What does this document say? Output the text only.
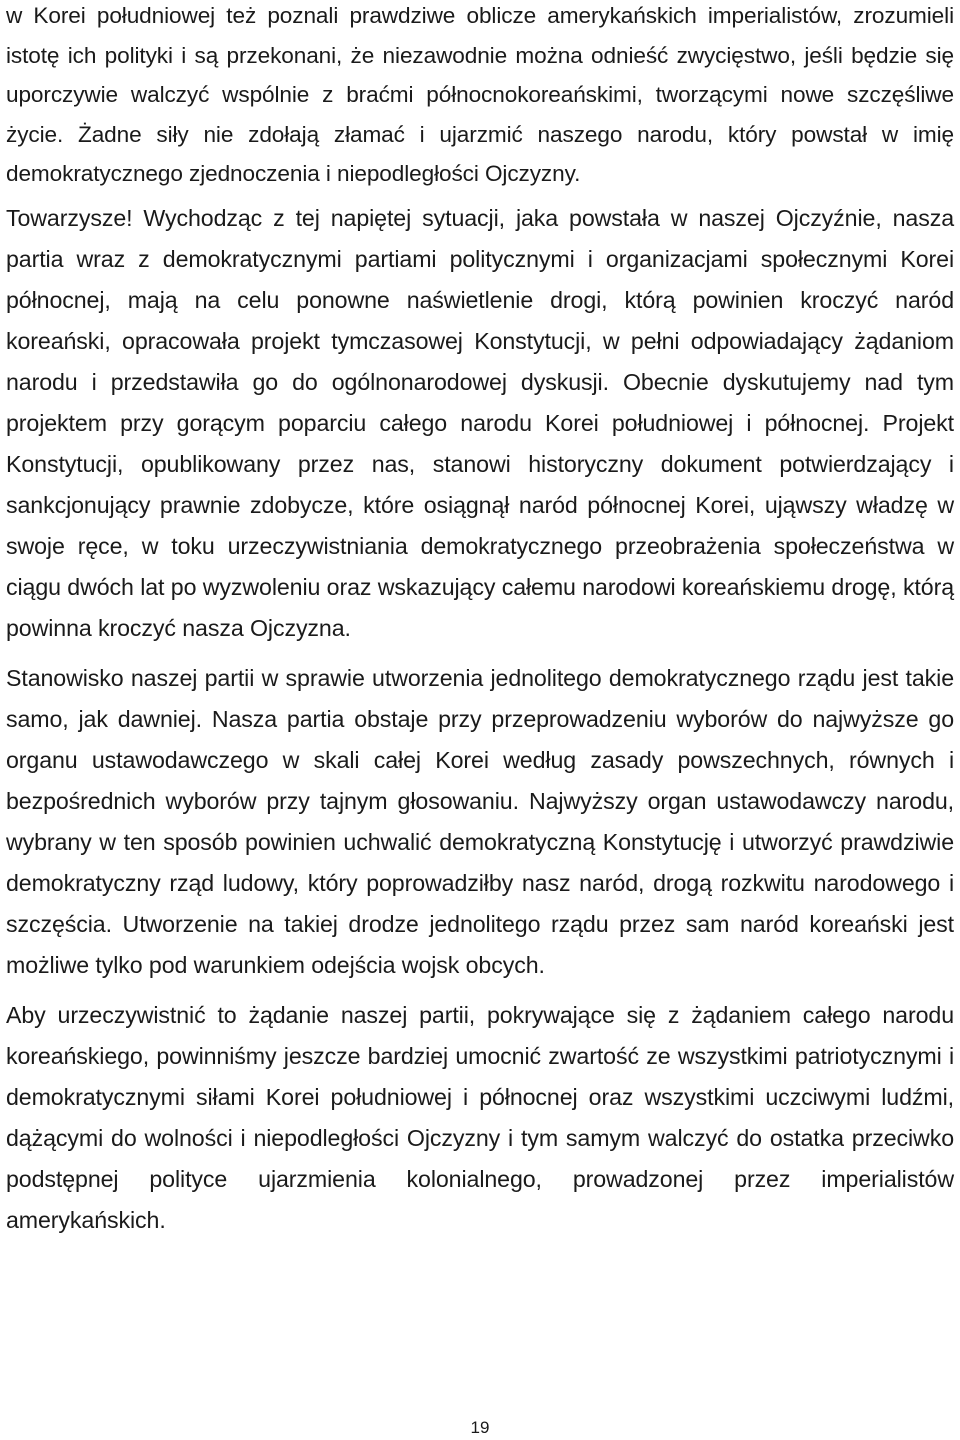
w Korei południowej też poznali prawdziwe oblicze amerykańskich imperialistów, zrozumieli istotę ich polityki i są przekonani, że niezawodnie można odnieść zwycięstwo, jeśli będzie się uporczywie walczyć wspólnie z braćmi północnokoreańskimi, tworzącymi nowe szczęśliwe życie. Żadne siły nie zdołają złamać i ujarzmić naszego narodu, który powstał w imię demokratycznego zjednoczenia i niepodległości Ojczyzny.

Towarzysze! Wychodząc z tej napiętej sytuacji, jaka powstała w naszej Ojczyźnie, nasza partia wraz z demokratycznymi partiami politycznymi i organizacjami społecznymi Korei północnej, mają na celu ponowne naświetlenie drogi, którą powinien kroczyć naród koreański, opracowała projekt tymczasowej Konstytucji, w pełni odpowiadający żądaniom narodu i przedstawiła go do ogólnonarodowej dyskusji. Obecnie dyskutujemy nad tym projektem przy gorącym poparciu całego narodu Korei południowej i północnej. Projekt Konstytucji, opublikowany przez nas, stanowi historyczny dokument potwierdzający i sankcjonujący prawnie zdobycze, które osiągnął naród północnej Korei, ująwszy władzę w swoje ręce, w toku urzeczywistniania demokratycznego przeobrażenia społeczeństwa w ciągu dwóch lat po wyzwoleniu oraz wskazujący całemu narodowi koreańskiemu drogę, którą powinna kroczyć nasza Ojczyzna.

Stanowisko naszej partii w sprawie utworzenia jednolitego demokratycznego rządu jest takie samo, jak dawniej. Nasza partia obstaje przy przeprowadzeniu wyborów do najwyższe go organu ustawodawczego w skali całej Korei według zasady powszechnych, równych i bezpośrednich wyborów przy tajnym głosowaniu. Najwyższy organ ustawodawczy narodu, wybrany w ten sposób powinien uchwalić demokratyczną Konstytucję i utworzyć prawdziwie demokratyczny rząd ludowy, który poprowadziłby nasz naród, drogą rozkwitu narodowego i szczęścia. Utworzenie na takiej drodze jednolitego rządu przez sam naród koreański jest możliwe tylko pod warunkiem odejścia wojsk obcych.

Aby urzeczywistnić to żądanie naszej partii, pokrywające się z żądaniem całego narodu koreańskiego, powinniśmy jeszcze bardziej umocnić zwartość ze wszystkimi patriotycznymi i demokratycznymi siłami Korei południowej i północnej oraz wszystkimi uczciwymi ludźmi, dążącymi do wolności i niepodległości Ojczyzny i tym samym walczyć do ostatka przeciwko podstępnej polityce ujarzmienia kolonialnego, prowadzonej przez imperialistów amerykańskich.

19
